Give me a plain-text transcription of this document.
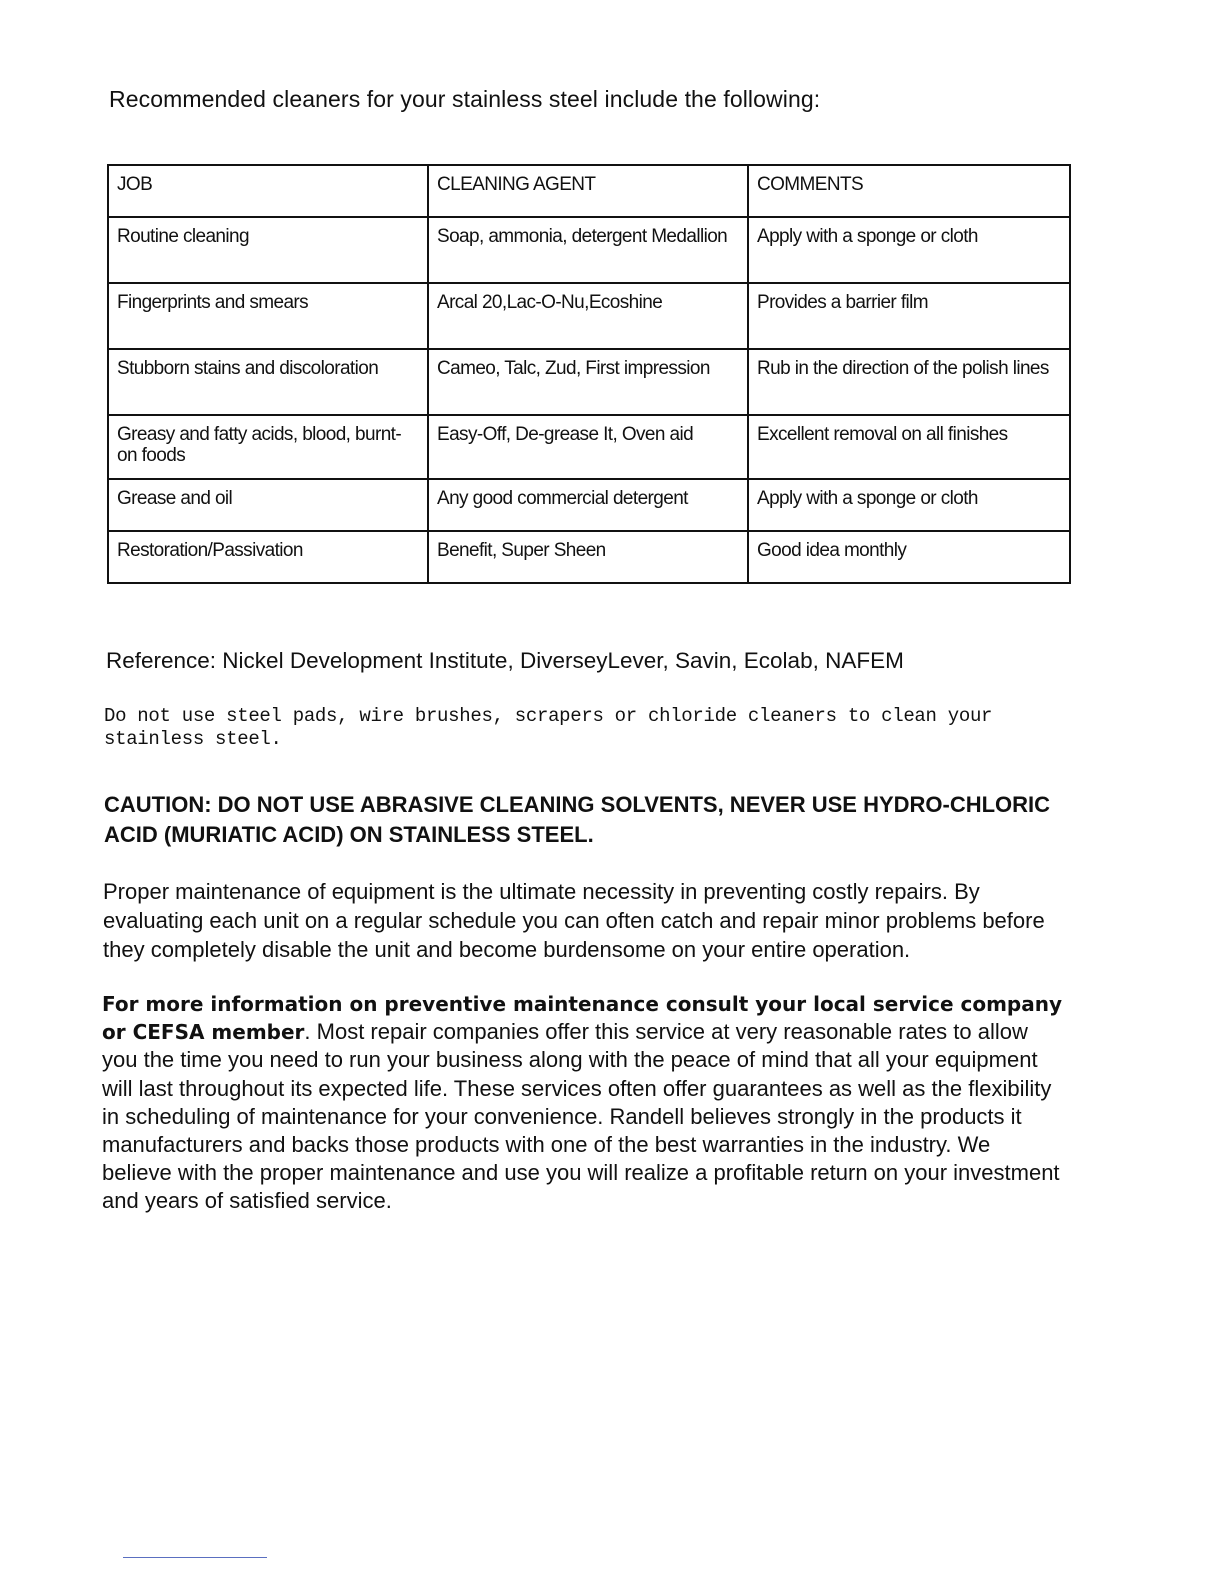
Recommended cleaners for your stainless steel include the following:
JOB	CLEANING AGENT	COMMENTS
Routine cleaning	Soap, ammonia, detergent Medallion	Apply with a sponge or cloth
Fingerprints and smears	Arcal 20,Lac-O-Nu,Ecoshine	Provides a barrier film
Stubborn stains and discoloration	Cameo, Talc, Zud, First impression	Rub in the direction of the polish lines
Greasy and fatty acids, blood, burnt-on foods	Easy-Off, De-grease It, Oven aid	Excellent removal on all finishes
Grease and oil	Any good commercial detergent	Apply with a sponge or cloth
Restoration/Passivation	Benefit, Super Sheen	Good idea monthly
Reference: Nickel Development Institute, DiverseyLever, Savin, Ecolab, NAFEM
Do not use steel pads, wire brushes, scrapers or chloride cleaners to clean your stainless steel.
CAUTION: DO NOT USE ABRASIVE CLEANING SOLVENTS, NEVER USE HYDRO-CHLORIC ACID (MURIATIC ACID) ON STAINLESS STEEL.
Proper maintenance of equipment is the ultimate necessity in preventing costly repairs. By evaluating each unit on a regular schedule you can often catch and repair minor problems before they completely disable the unit and become burdensome on your entire operation.
For more information on preventive maintenance consult your local service company or CEFSA member. Most repair companies offer this service at very reasonable rates to allow you the time you need to run your business along with the peace of mind that all your equipment will last throughout its expected life. These services often offer guarantees as well as the flexibility in scheduling of maintenance for your convenience. Randell believes strongly in the products it manufacturers and backs those products with one of the best warranties in the industry. We believe with the proper maintenance and use you will realize a profitable return on your investment and years of satisfied service.
